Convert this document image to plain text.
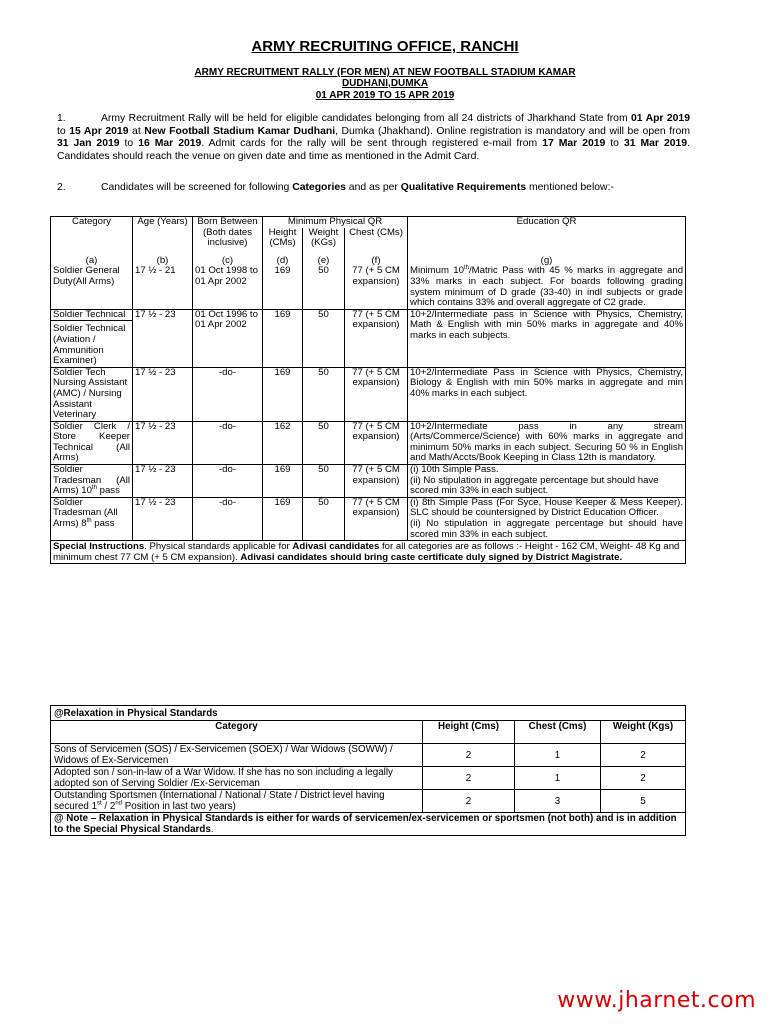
ARMY RECRUITING OFFICE, RANCHI
ARMY RECRUITMENT RALLY (FOR MEN) AT NEW FOOTBALL STADIUM KAMAR
DUDHANI,DUMKA
01 APR 2019 TO 15 APR 2019
1.	Army Recruitment Rally will be held for eligible candidates belonging from all 24 districts of Jharkhand State from 01 Apr 2019 to 15 Apr 2019 at New Football Stadium Kamar Dudhani, Dumka (Jhakhand). Online registration is mandatory and will be open from 31 Jan 2019 to 16 Mar 2019. Admit cards for the rally will be sent through registered e-mail from 17 Mar 2019 to 31 Mar 2019. Candidates should reach the venue on given date and time as mentioned in the Admit Card.
2.	Candidates will be screened for following Categories and as per Qualitative Requirements mentioned below:-
Category	Age (Years)	Born Between (Both dates inclusive)	Minimum Physical QR			Education QR
			Height (CMs)	Weight (KGs)	Chest (CMs)	
(a)	(b)	(c)	(d)	(e)	(f)	(g)
Soldier General Duty(All Arms)	17 ½ - 21	01 Oct 1998 to 01 Apr 2002	169	50	77 (+ 5 CM expansion)	Minimum 10th/Matric Pass with 45 % marks in aggregate and 33% marks in each subject. For boards following grading system minimum of D grade (33-40) in indl subjects or grade which contains 33% and overall aggregate of C2 grade.
Soldier Technical	17 ½ - 23	01 Oct 1996 to 01 Apr 2002	169	50	77 (+ 5 CM expansion)	10+2/Intermediate pass in Science with Physics, Chemistry, Math & English with min 50% marks in aggregate and 40% marks in each subjects.
Soldier Technical (Aviation / Ammunition Examiner)						
Soldier Tech Nursing Assistant (AMC) / Nursing Assistant Veterinary	17 ½ - 23	-do-	169	50	77 (+ 5 CM expansion)	10+2/Intermediate Pass in Science with Physics, Chemistry, Biology & English with min 50% marks in aggregate and min 40% marks in each subject.
Soldier Clerk / Store Keeper Technical (All Arms)	17 ½ - 23	-do-	162	50	77 (+ 5 CM expansion)	10+2/Intermediate pass in any stream (Arts/Commerce/Science) with 60% marks in aggregate and minimum 50% marks in each subject. Securing 50 % in English and Math/Accts/Book Keeping in Class 12th is mandatory.
Soldier Tradesman (All Arms) 10th pass	17 ½ - 23	-do-	169	50	77 (+ 5 CM expansion)	(i) 10th Simple Pass.
(ii) No stipulation in aggregate percentage but should have scored min 33% in each subject.

Soldier Tradesman (All Arms) 8th pass	17 ½ - 23	-do-	169	50	77 (+ 5 CM expansion)	(i) 8th Simple Pass (For Syce, House Keeper & Mess Keeper). SLC should be countersigned by District Education Officer.
(ii) No stipulation in aggregate percentage but should have scored min 33% in each subject.

Special Instructions. Physical standards applicable for Adivasi candidates for all categories are as follows :- Height - 162 CM, Weight- 48 Kg and minimum chest 77 CM (+ 5 CM expansion). Adivasi candidates should bring caste certificate duly signed by District Magistrate.						
@Relaxation in Physical Standards			
Category	Height (Cms)	Chest (Cms)	Weight (Kgs)
Sons of Servicemen (SOS) / Ex-Servicemen (SOEX) / War Widows (SOWW) / Widows of Ex-Servicemen	2	1	2
Adopted son / son-in-law of a War Widow. If she has no son including a legally adopted son of Serving Soldier /Ex-Serviceman	2	1	2
Outstanding Sportsmen (International / National / State / District level having secured 1st / 2nd Position in last two years)	2	3	5
@ Note – Relaxation in Physical Standards is either for wards of servicemen/ex-servicemen or sportsmen (not both) and is in addition to the Special Physical Standards.			
www.jharnet.com
